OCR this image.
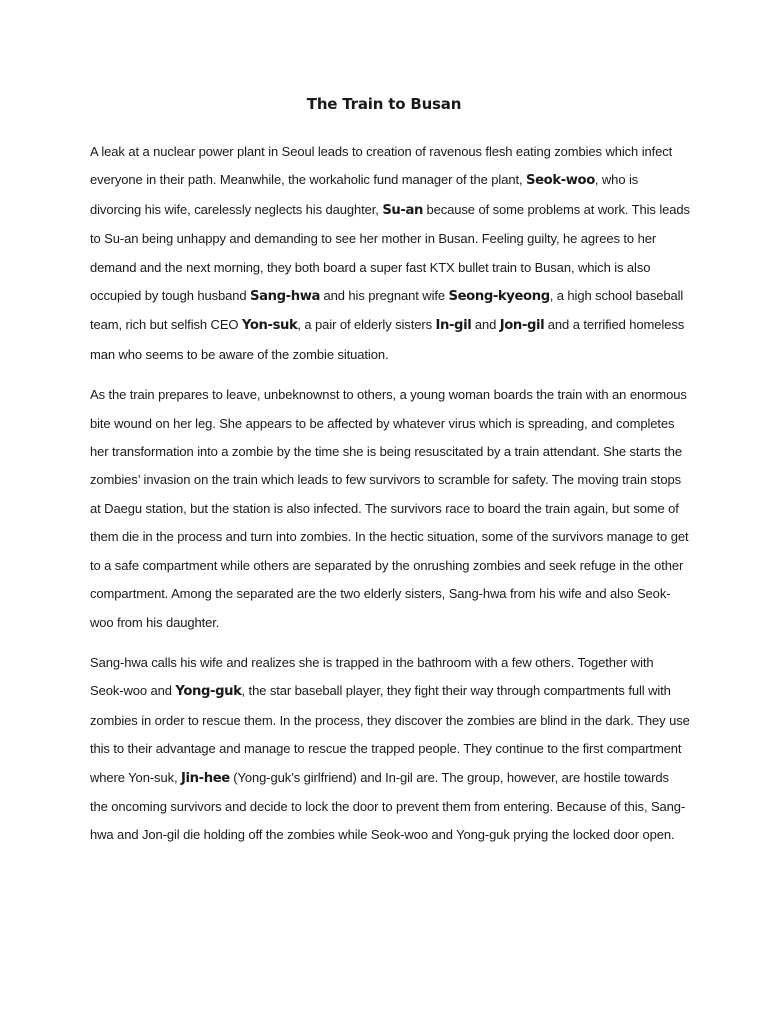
The Train to Busan

A leak at a nuclear power plant in Seoul leads to creation of ravenous flesh eating zombies which infect everyone in their path. Meanwhile, the workaholic fund manager of the plant, Seok-woo, who is divorcing his wife, carelessly neglects his daughter, Su-an because of some problems at work. This leads to Su-an being unhappy and demanding to see her mother in Busan. Feeling guilty, he agrees to her demand and the next morning, they both board a super fast KTX bullet train to Busan, which is also occupied by tough husband Sang-hwa and his pregnant wife Seong-kyeong, a high school baseball team, rich but selfish CEO Yon-suk, a pair of elderly sisters In-gil and Jon-gil and a terrified homeless man who seems to be aware of the zombie situation.

As the train prepares to leave, unbeknownst to others, a young woman boards the train with an enormous bite wound on her leg. She appears to be affected by whatever virus which is spreading, and completes her transformation into a zombie by the time she is being resuscitated by a train attendant. She starts the zombies’ invasion on the train which leads to few survivors to scramble for safety. The moving train stops at Daegu station, but the station is also infected. The survivors race to board the train again, but some of them die in the process and turn into zombies. In the hectic situation, some of the survivors manage to get to a safe compartment while others are separated by the onrushing zombies and seek refuge in the other compartment. Among the separated are the two elderly sisters, Sang-hwa from his wife and also Seok-woo from his daughter.

Sang-hwa calls his wife and realizes she is trapped in the bathroom with a few others. Together with Seok-woo and Yong-guk, the star baseball player, they fight their way through compartments full with zombies in order to rescue them. In the process, they discover the zombies are blind in the dark. They use this to their advantage and manage to rescue the trapped people. They continue to the first compartment where Yon-suk, Jin-hee (Yong-guk’s girlfriend) and In-gil are. The group, however, are hostile towards the oncoming survivors and decide to lock the door to prevent them from entering. Because of this, Sang-hwa and Jon-gil die holding off the zombies while Seok-woo and Yong-guk prying the locked door open.
